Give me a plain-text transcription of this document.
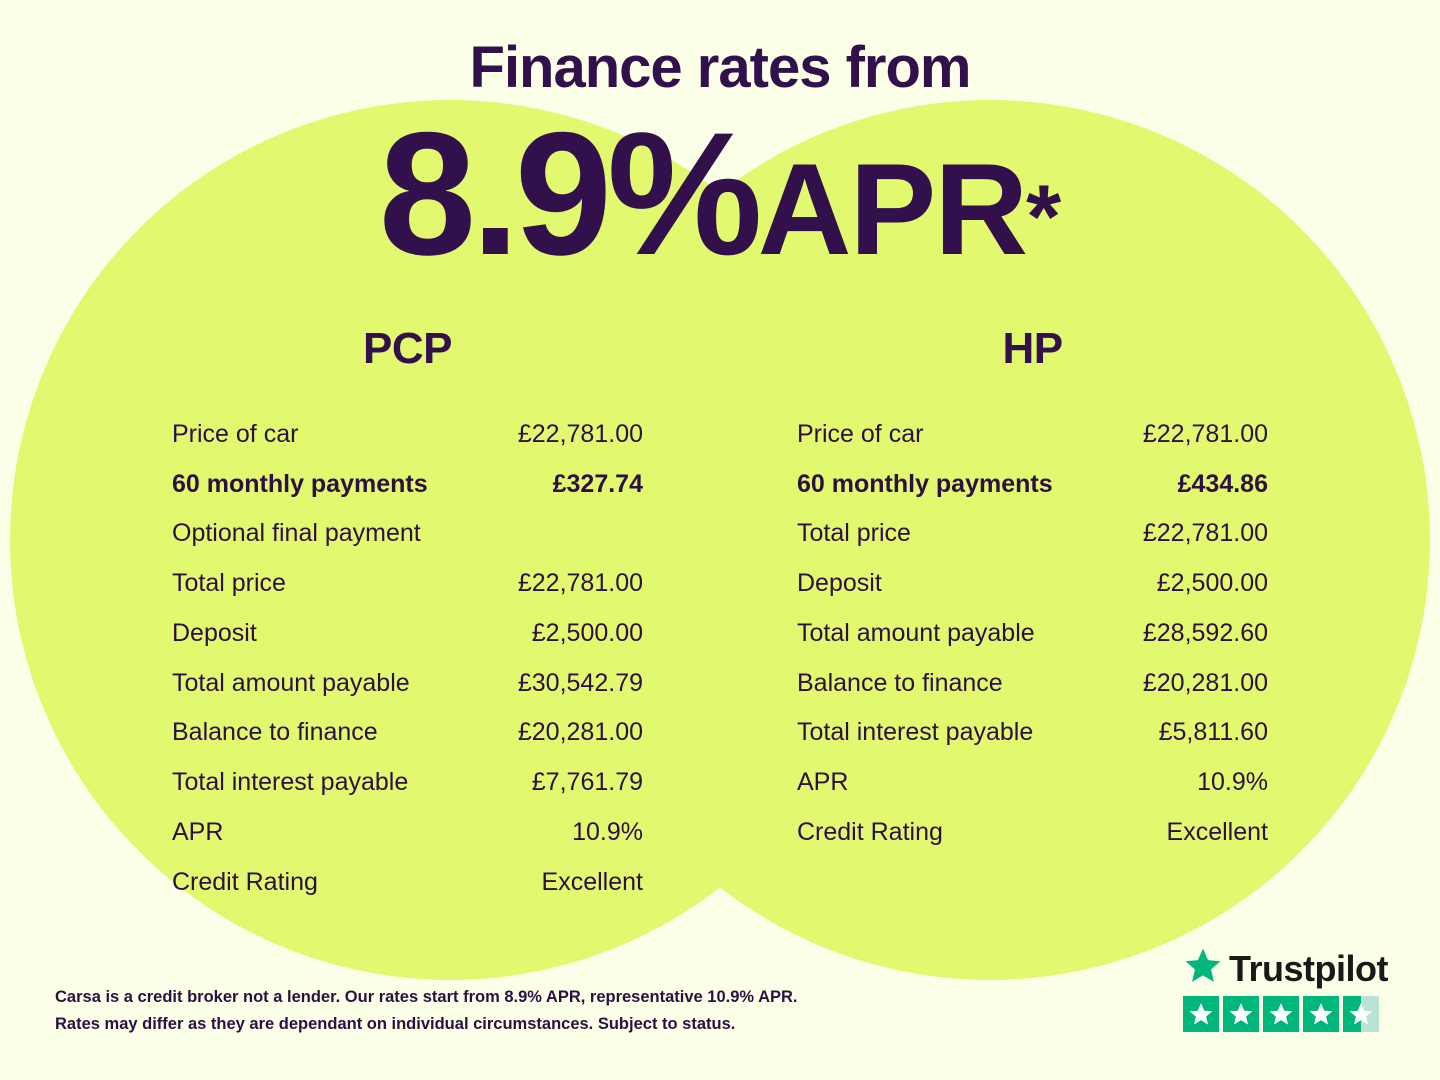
Finance rates from
8.9%APR*
PCP
Price of car	£22,781.00
60 monthly payments	£327.74
Optional final payment
Total price	£22,781.00
Deposit	£2,500.00
Total amount payable	£30,542.79
Balance to finance	£20,281.00
Total interest payable	£7,761.79
APR	10.9%
Credit Rating	Excellent
HP
Price of car	£22,781.00
60 monthly payments	£434.86
Total price	£22,781.00
Deposit	£2,500.00
Total amount payable	£28,592.60
Balance to finance	£20,281.00
Total interest payable	£5,811.60
APR	10.9%
Credit Rating	Excellent
Carsa is a credit broker not a lender. Our rates start from 8.9% APR, representative 10.9% APR.
Rates may differ as they are dependant on individual circumstances. Subject to status.
Trustpilot
